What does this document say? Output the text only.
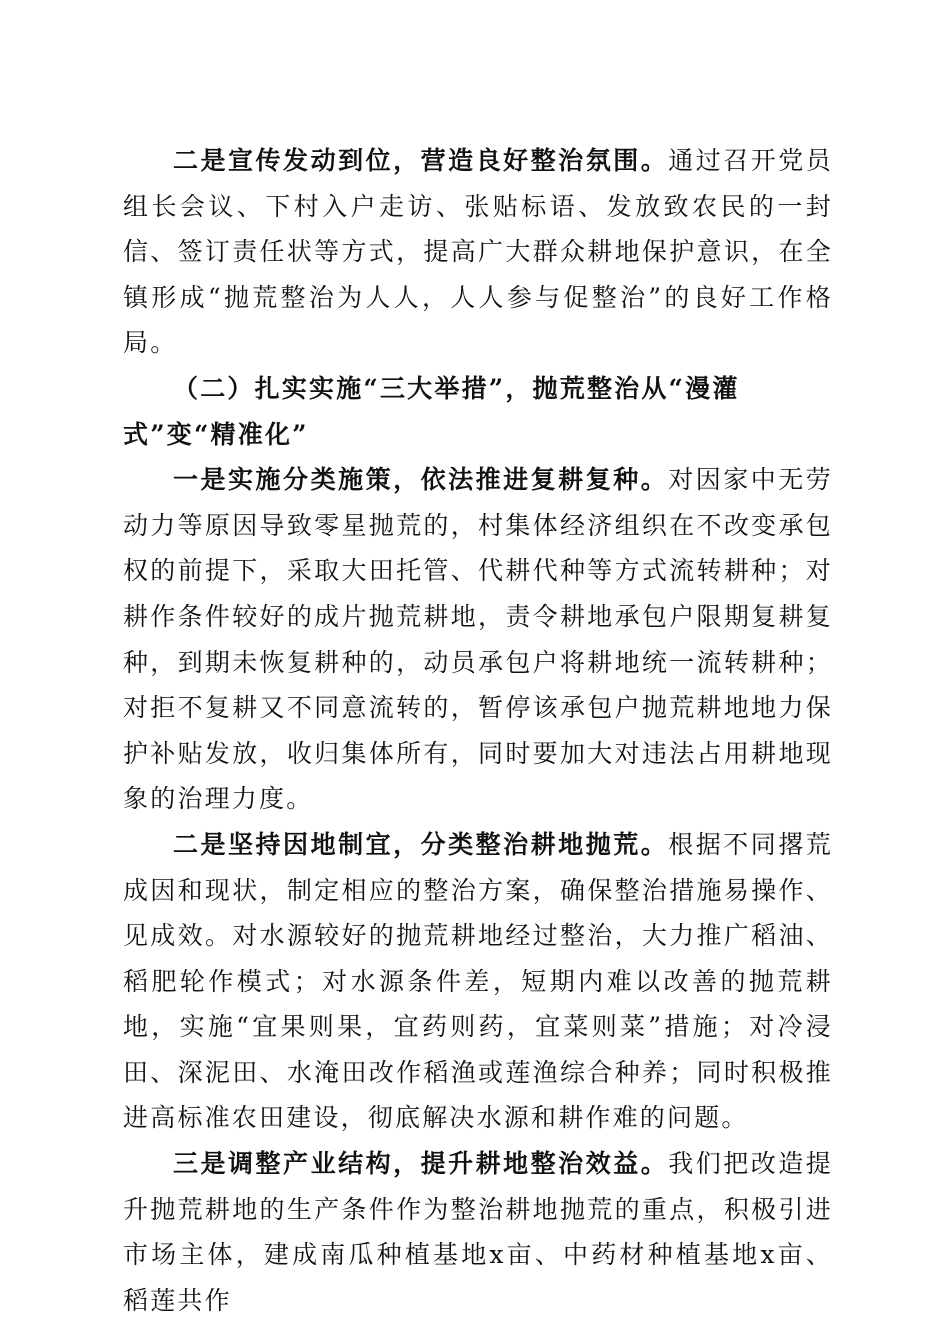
二是宣传发动到位，营造良好整治氛围。通过召开党员组长会议、下村入户走访、张贴标语、发放致农民的一封信、签订责任状等方式，提高广大群众耕地保护意识，在全镇形成“抛荒整治为人人，人人参与促整治”的良好工作格局。

（二）扎实实施“三大举措”，抛荒整治从“漫灌式”变“精准化”

一是实施分类施策，依法推进复耕复种。对因家中无劳动力等原因导致零星抛荒的，村集体经济组织在不改变承包权的前提下，采取大田托管、代耕代种等方式流转耕种；对耕作条件较好的成片抛荒耕地，责令耕地承包户限期复耕复种，到期未恢复耕种的，动员承包户将耕地统一流转耕种；对拒不复耕又不同意流转的，暂停该承包户抛荒耕地地力保护补贴发放，收归集体所有，同时要加大对违法占用耕地现象的治理力度。

二是坚持因地制宜，分类整治耕地抛荒。根据不同撂荒成因和现状，制定相应的整治方案，确保整治措施易操作、见成效。对水源较好的抛荒耕地经过整治，大力推广稻油、稻肥轮作模式；对水源条件差，短期内难以改善的抛荒耕地，实施“宜果则果，宜药则药，宜菜则菜”措施；对冷浸田、深泥田、水淹田改作稻渔或莲渔综合种养；同时积极推进高标准农田建设，彻底解决水源和耕作难的问题。

三是调整产业结构，提升耕地整治效益。我们把改造提升抛荒耕地的生产条件作为整治耕地抛荒的重点，积极引进市场主体，建成南瓜种植基地x亩、中药材种植基地x亩、稻莲共作
